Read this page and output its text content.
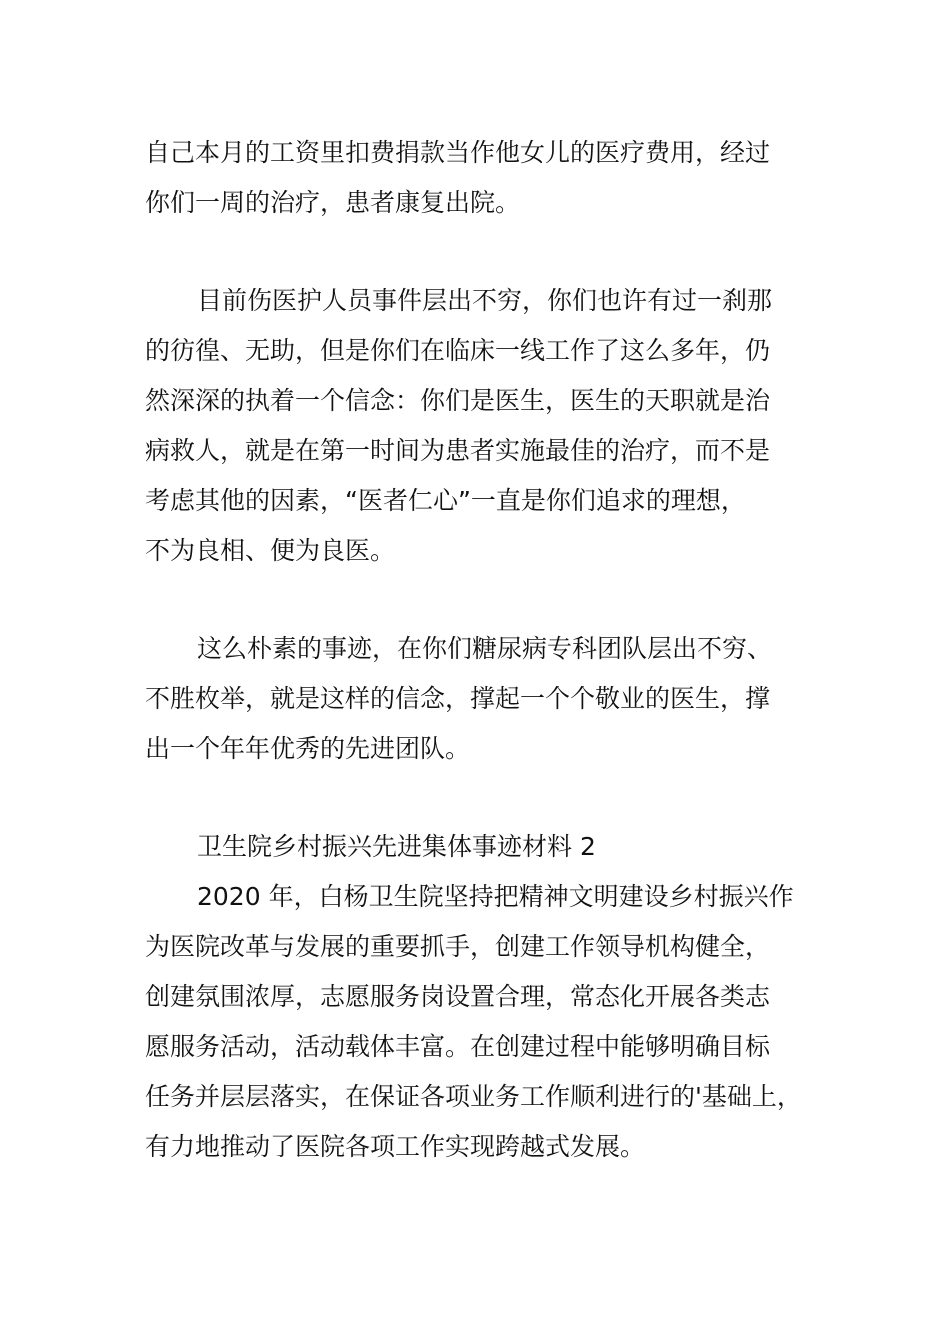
自己本月的工资里扣费捐款当作他女儿的医疗费用，经过
你们一周的治疗，患者康复出院。
目前伤医护人员事件层出不穷，你们也许有过一刹那
的彷徨、无助，但是你们在临床一线工作了这么多年，仍
然深深的执着一个信念：你们是医生，医生的天职就是治
病救人，就是在第一时间为患者实施最佳的治疗，而不是
考虑其他的因素，“医者仁心”一直是你们追求的理想，
不为良相、便为良医。
这么朴素的事迹，在你们糖尿病专科团队层出不穷、
不胜枚举，就是这样的信念，撑起一个个敬业的医生，撑
出一个年年优秀的先进团队。
卫生院乡村振兴先进集体事迹材料 2
2020 年，白杨卫生院坚持把精神文明建设乡村振兴作
为医院改革与发展的重要抓手，创建工作领导机构健全，
创建氛围浓厚，志愿服务岗设置合理，常态化开展各类志
愿服务活动，活动载体丰富。在创建过程中能够明确目标
任务并层层落实，在保证各项业务工作顺利进行的'基础上，
有力地推动了医院各项工作实现跨越式发展。
